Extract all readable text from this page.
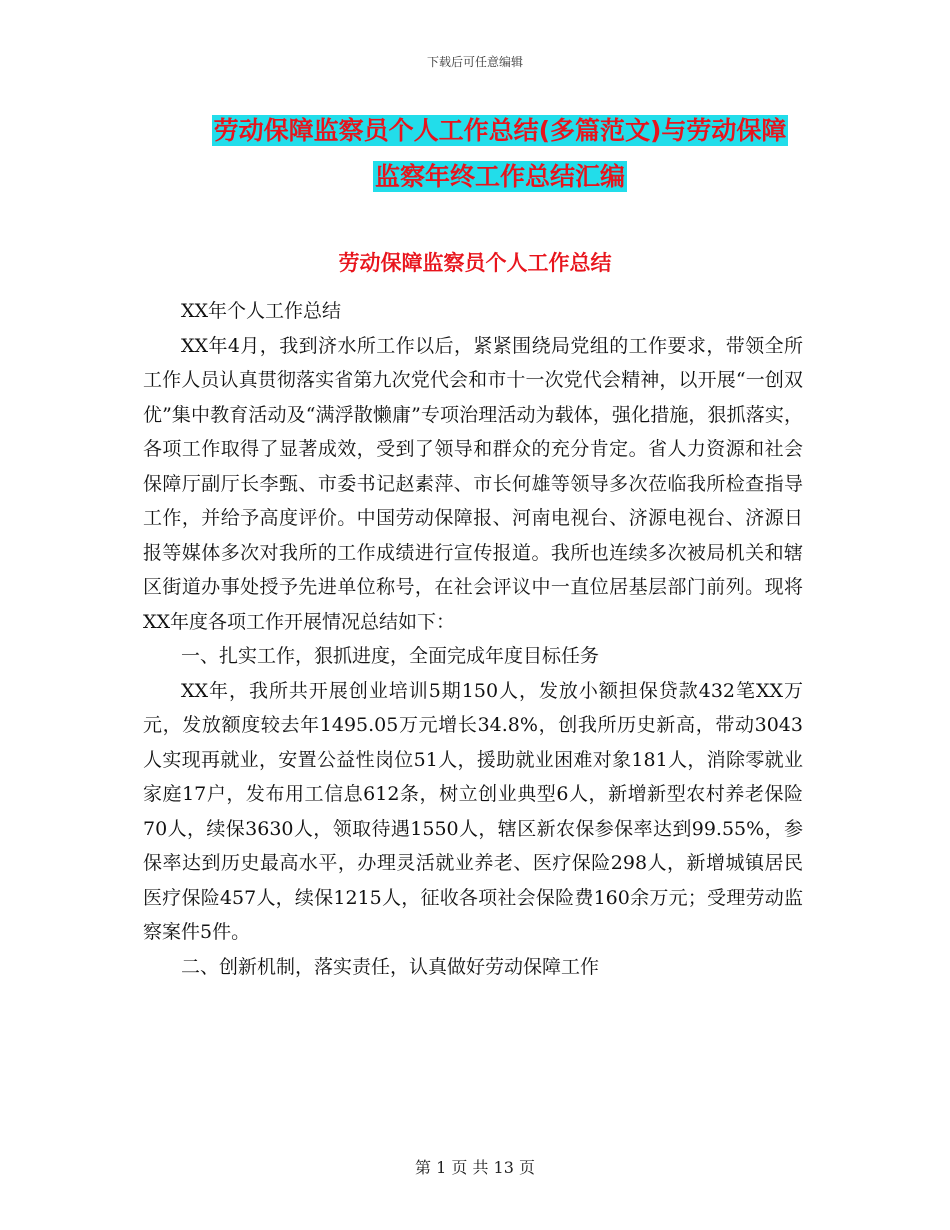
下载后可任意编辑
劳动保障监察员个人工作总结(多篇范文)与劳动保障
监察年终工作总结汇编
劳动保障监察员个人工作总结

XX年个人工作总结

XX年4月，我到济水所工作以后，紧紧围绕局党组的工作要求，带领全所工作人员认真贯彻落实省第九次党代会和市十一次党代会精神，以开展“一创双优”集中教育活动及“满浮散懒庸”专项治理活动为载体，强化措施，狠抓落实，各项工作取得了显著成效，受到了领导和群众的充分肯定。省人力资源和社会保障厅副厅长李甄、市委书记赵素萍、市长何雄等领导多次莅临我所检查指导工作，并给予高度评价。中国劳动保障报、河南电视台、济源电视台、济源日报等媒体多次对我所的工作成绩进行宣传报道。我所也连续多次被局机关和辖区街道办事处授予先进单位称号，在社会评议中一直位居基层部门前列。现将XX年度各项工作开展情况总结如下：

一、扎实工作，狠抓进度，全面完成年度目标任务

XX年，我所共开展创业培训5期150人，发放小额担保贷款432笔XX万元，发放额度较去年1495.05万元增长34.8%，创我所历史新高，带动3043人实现再就业，安置公益性岗位51人，援助就业困难对象181人，消除零就业家庭17户，发布用工信息612条，树立创业典型6人，新增新型农村养老保险70人，续保3630人，领取待遇1550人，辖区新农保参保率达到99.55%，参保率达到历史最高水平，办理灵活就业养老、医疗保险298人，新增城镇居民医疗保险457人，续保1215人，征收各项社会保险费160余万元；受理劳动监察案件5件。

二、创新机制，落实责任，认真做好劳动保障工作

第 1 页 共 13 页
